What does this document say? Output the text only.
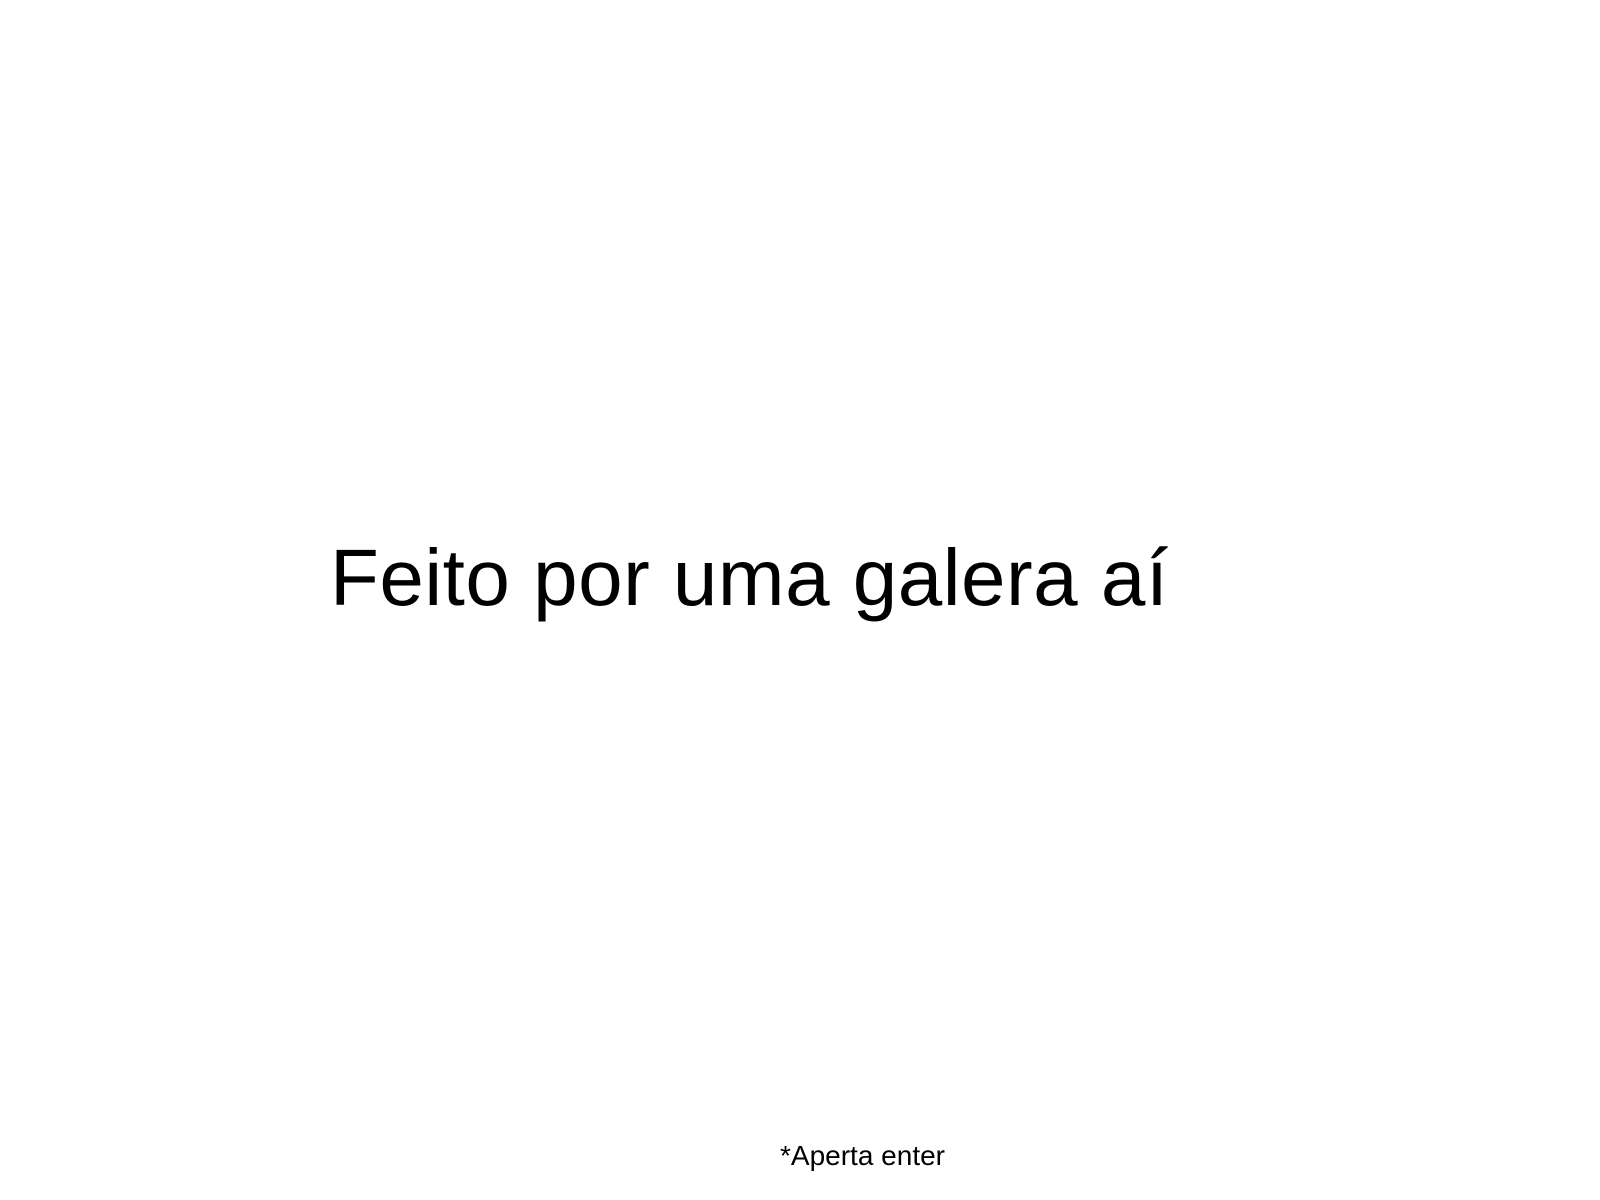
Feito por uma galera aí
*Aperta enter
